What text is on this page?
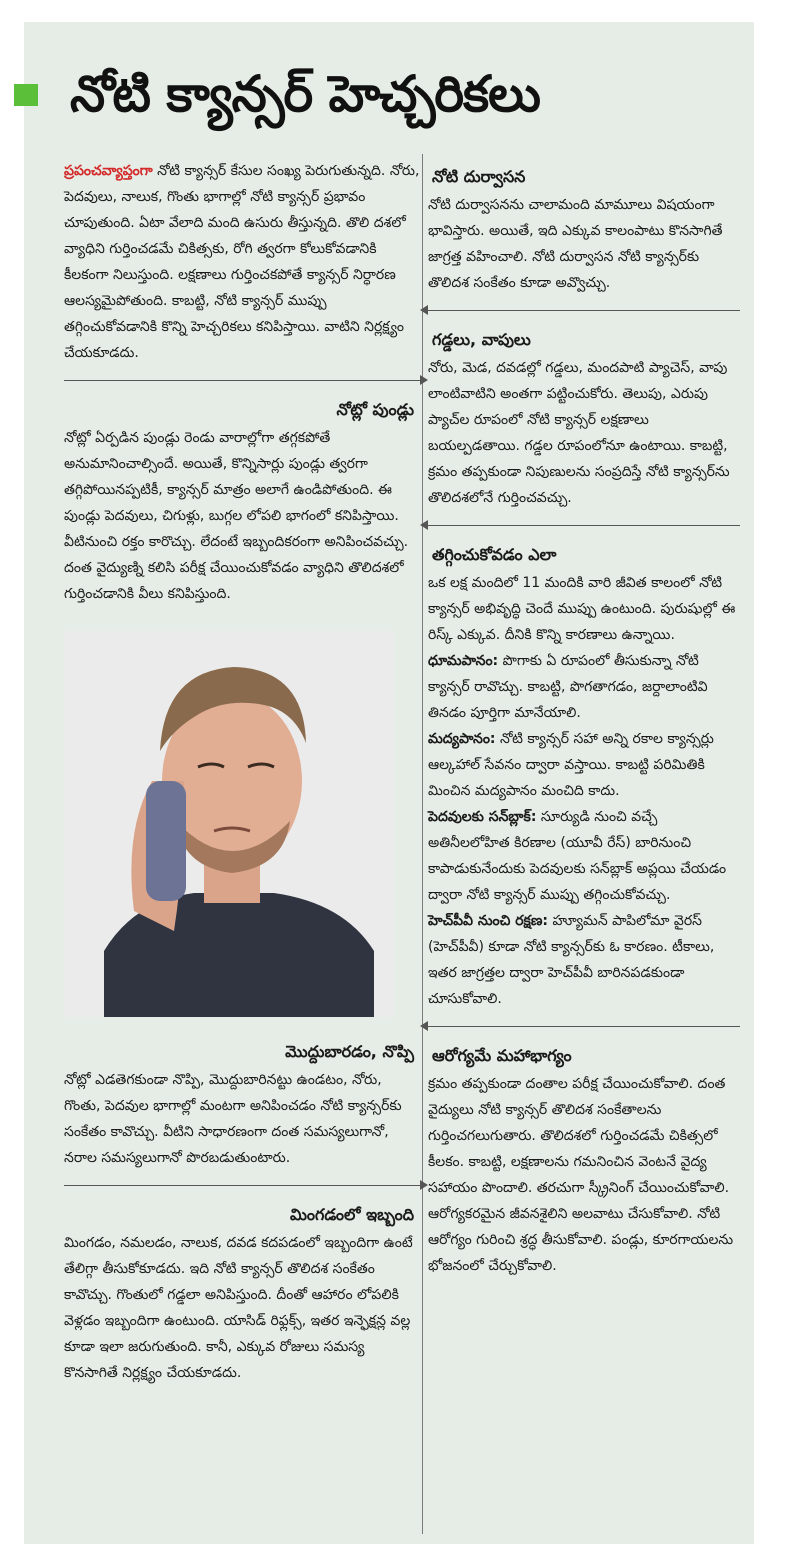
నోటి క్యాన్సర్ హెచ్చరికలు

ప్రపంచవ్యాప్తంగా నోటి క్యాన్సర్ కేసుల సంఖ్య పెరుగుతున్నది. నోరు, పెదవులు, నాలుక, గొంతు భాగాల్లో నోటి క్యాన్సర్ ప్రభావం చూపుతుంది. ఏటా వేలాది మంది ఉసురు తీస్తున్నది. తొలి దశలో వ్యాధిని గుర్తించడమే చికిత్సకు, రోగి త్వరగా కోలుకోవడానికి కీలకంగా నిలుస్తుంది. లక్షణాలు గుర్తించకపోతే క్యాన్సర్ నిర్ధారణ ఆలస్యమైపోతుంది. కాబట్టి, నోటి క్యాన్సర్ ముప్పు తగ్గించుకోవడానికి కొన్ని హెచ్చరికలు కనిపిస్తాయి. వాటిని నిర్లక్ష్యం చేయకూడదు.

నోట్లో పుండ్లు

నోట్లో ఏర్పడిన పుండ్లు రెండు వారాల్లోగా తగ్గకపోతే అనుమానించాల్సిందే. అయితే, కొన్నిసార్లు పుండ్లు త్వరగా తగ్గిపోయినప్పటికీ, క్యాన్సర్ మాత్రం అలాగే ఉండిపోతుంది. ఈ పుండ్లు పెదవులు, చిగుళ్లు, బుగ్గల లోపలి భాగంలో కనిపిస్తాయి. వీటినుంచి రక్తం కారొచ్చు. లేదంటే ఇబ్బందికరంగా అనిపించవచ్చు. దంత వైద్యుణ్ని కలిసి పరీక్ష చేయించుకోవడం వ్యాధిని తొలిదశలో గుర్తించడానికి వీలు కనిపిస్తుంది.

మొద్దుబారడం, నొప్పి

నోట్లో ఎడతెగకుండా నొప్పి, మొద్దుబారినట్టు ఉండటం, నోరు, గొంతు, పెదవుల భాగాల్లో మంటగా అనిపించడం నోటి క్యాన్సర్‌కు సంకేతం కావొచ్చు. వీటిని సాధారణంగా దంత సమస్యలుగానో, నరాల సమస్యలుగానో పొరబడుతుంటారు.

మింగడంలో ఇబ్బంది

మింగడం, నమలడం, నాలుక, దవడ కదపడంలో ఇబ్బందిగా ఉంటే తేలిగ్గా తీసుకోకూడదు. ఇది నోటి క్యాన్సర్ తొలిదశ సంకేతం కావొచ్చు. గొంతులో గడ్డలా అనిపిస్తుంది. దీంతో ఆహారం లోపలికి వెళ్లడం ఇబ్బందిగా ఉంటుంది. యాసిడ్ రిఫ్లక్స్, ఇతర ఇన్ఫెక్షన్ల వల్ల కూడా ఇలా జరుగుతుంది. కానీ, ఎక్కువ రోజులు సమస్య కొనసాగితే నిర్లక్ష్యం చేయకూడదు.

నోటి దుర్వాసన

నోటి దుర్వాసనను చాలామంది మామూలు విషయంగా భావిస్తారు. అయితే, ఇది ఎక్కువ కాలంపాటు కొనసాగితే జాగ్రత్త వహించాలి. నోటి దుర్వాసన నోటి క్యాన్సర్‌కు తొలిదశ సంకేతం కూడా అవ్వొచ్చు.

గడ్డలు, వాపులు

నోరు, మెడ, దవడల్లో గడ్డలు, మందపాటి ప్యాచెస్, వాపు లాంటివాటిని అంతగా పట్టించుకోరు. తెలుపు, ఎరుపు ప్యాచ్‌ల రూపంలో నోటి క్యాన్సర్ లక్షణాలు బయల్పడతాయి. గడ్డల రూపంలోనూ ఉంటాయి. కాబట్టి, క్రమం తప్పకుండా నిపుణులను సంప్రదిస్తే నోటి క్యాన్సర్‌ను తొలిదశలోనే గుర్తించవచ్చు.

తగ్గించుకోవడం ఎలా

ఒక లక్ష మందిలో 11 మందికి వారి జీవిత కాలంలో నోటి క్యాన్సర్ అభివృద్ధి చెందే ముప్పు ఉంటుంది. పురుషుల్లో ఈ రిస్క్ ఎక్కువ. దీనికి కొన్ని కారణాలు ఉన్నాయి.

ధూమపానం: పొగాకు ఏ రూపంలో తీసుకున్నా నోటి క్యాన్సర్ రావొచ్చు. కాబట్టి, పొగతాగడం, జర్దాలాంటివి తినడం పూర్తిగా మానేయాలి.

మద్యపానం: నోటి క్యాన్సర్ సహా అన్ని రకాల క్యాన్సర్లు ఆల్కహాల్ సేవనం ద్వారా వస్తాయి. కాబట్టి పరిమితికి మించిన మద్యపానం మంచిది కాదు.

పెదవులకు సన్‌బ్లాక్: సూర్యుడి నుంచి వచ్చే అతినీలలోహిత కిరణాల (యూవీ రేస్) బారినుంచి కాపాడుకునేందుకు పెదవులకు సన్‌బ్లాక్ అప్లయి చేయడం ద్వారా నోటి క్యాన్సర్ ముప్పు తగ్గించుకోవచ్చు.

హెచ్‌పీవీ నుంచి రక్షణ: హ్యూమన్ పాపిలోమా వైరస్ (హెచ్‌పీవీ) కూడా నోటి క్యాన్సర్‌కు ఓ కారణం. టీకాలు, ఇతర జాగ్రత్తల ద్వారా హెచ్‌పీవీ బారినపడకుండా చూసుకోవాలి.

ఆరోగ్యమే మహాభాగ్యం

క్రమం తప్పకుండా దంతాల పరీక్ష చేయించుకోవాలి. దంత వైద్యులు నోటి క్యాన్సర్ తొలిదశ సంకేతాలను గుర్తించగలుగుతారు. తొలిదశలో గుర్తించడమే చికిత్సలో కీలకం. కాబట్టి, లక్షణాలను గమనించిన వెంటనే వైద్య సహాయం పొందాలి. తరచుగా స్క్రీనింగ్ చేయించుకోవాలి. ఆరోగ్యకరమైన జీవనశైలిని అలవాటు చేసుకోవాలి. నోటి ఆరోగ్యం గురించి శ్రద్ధ తీసుకోవాలి. పండ్లు, కూరగాయలను భోజనంలో చేర్చుకోవాలి.
